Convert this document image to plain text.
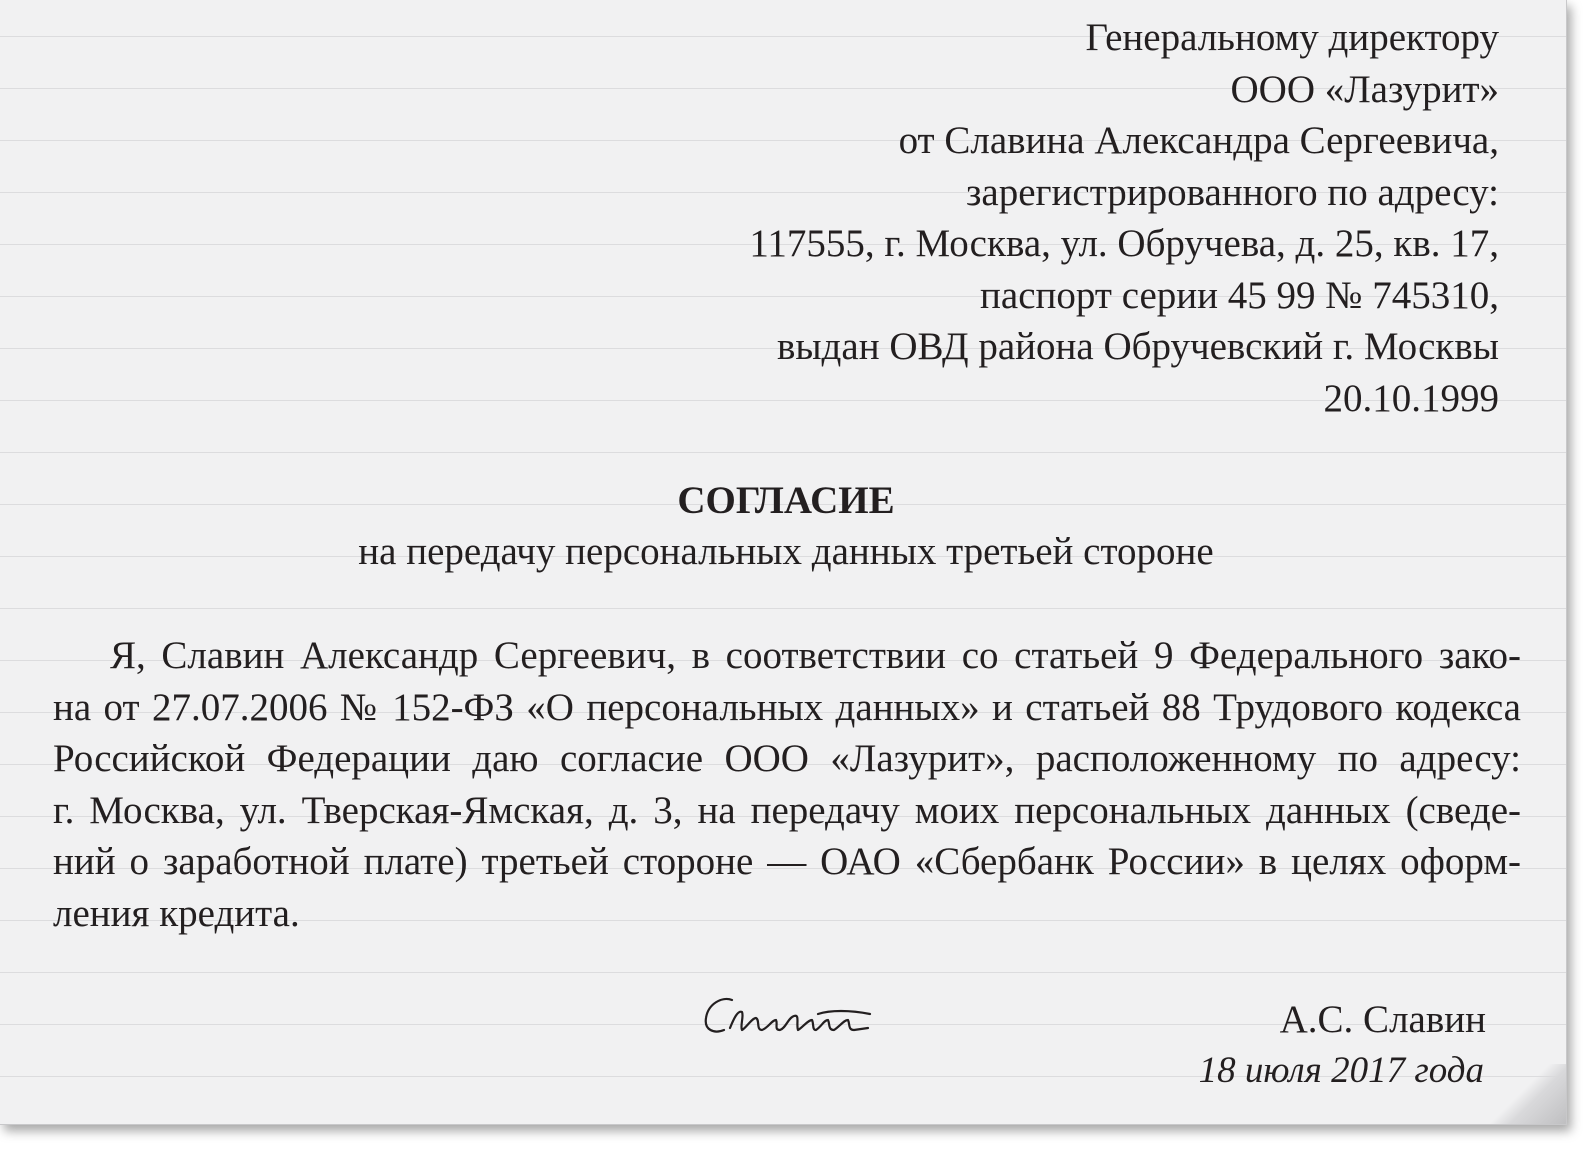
Генеральному директору
ООО «Лазурит»
от Славина Александра Сергеевича,
зарегистрированного по адресу:
117555, г. Москва, ул. Обручева, д. 25, кв. 17,
паспорт серии 45 99 № 745310,
выдан ОВД района Обручевский г. Москвы
20.10.1999
СОГЛАСИЕ
на передачу персональных данных третьей стороне
Я, Славин Александр Сергеевич, в соответствии со статьей 9 Федерального зако-
на от 27.07.2006 № 152-ФЗ «О персональных данных» и статьей 88 Трудового кодекса
Российской Федерации даю согласие ООО «Лазурит», расположенному по адресу:
г. Москва, ул. Тверская-Ямская, д. 3, на передачу моих персональных данных (сведе-
ний о заработной плате) третьей стороне — ОАО «Сбербанк России» в целях оформ-
ления кредита.
А.С. Славин
18 июля 2017 года
